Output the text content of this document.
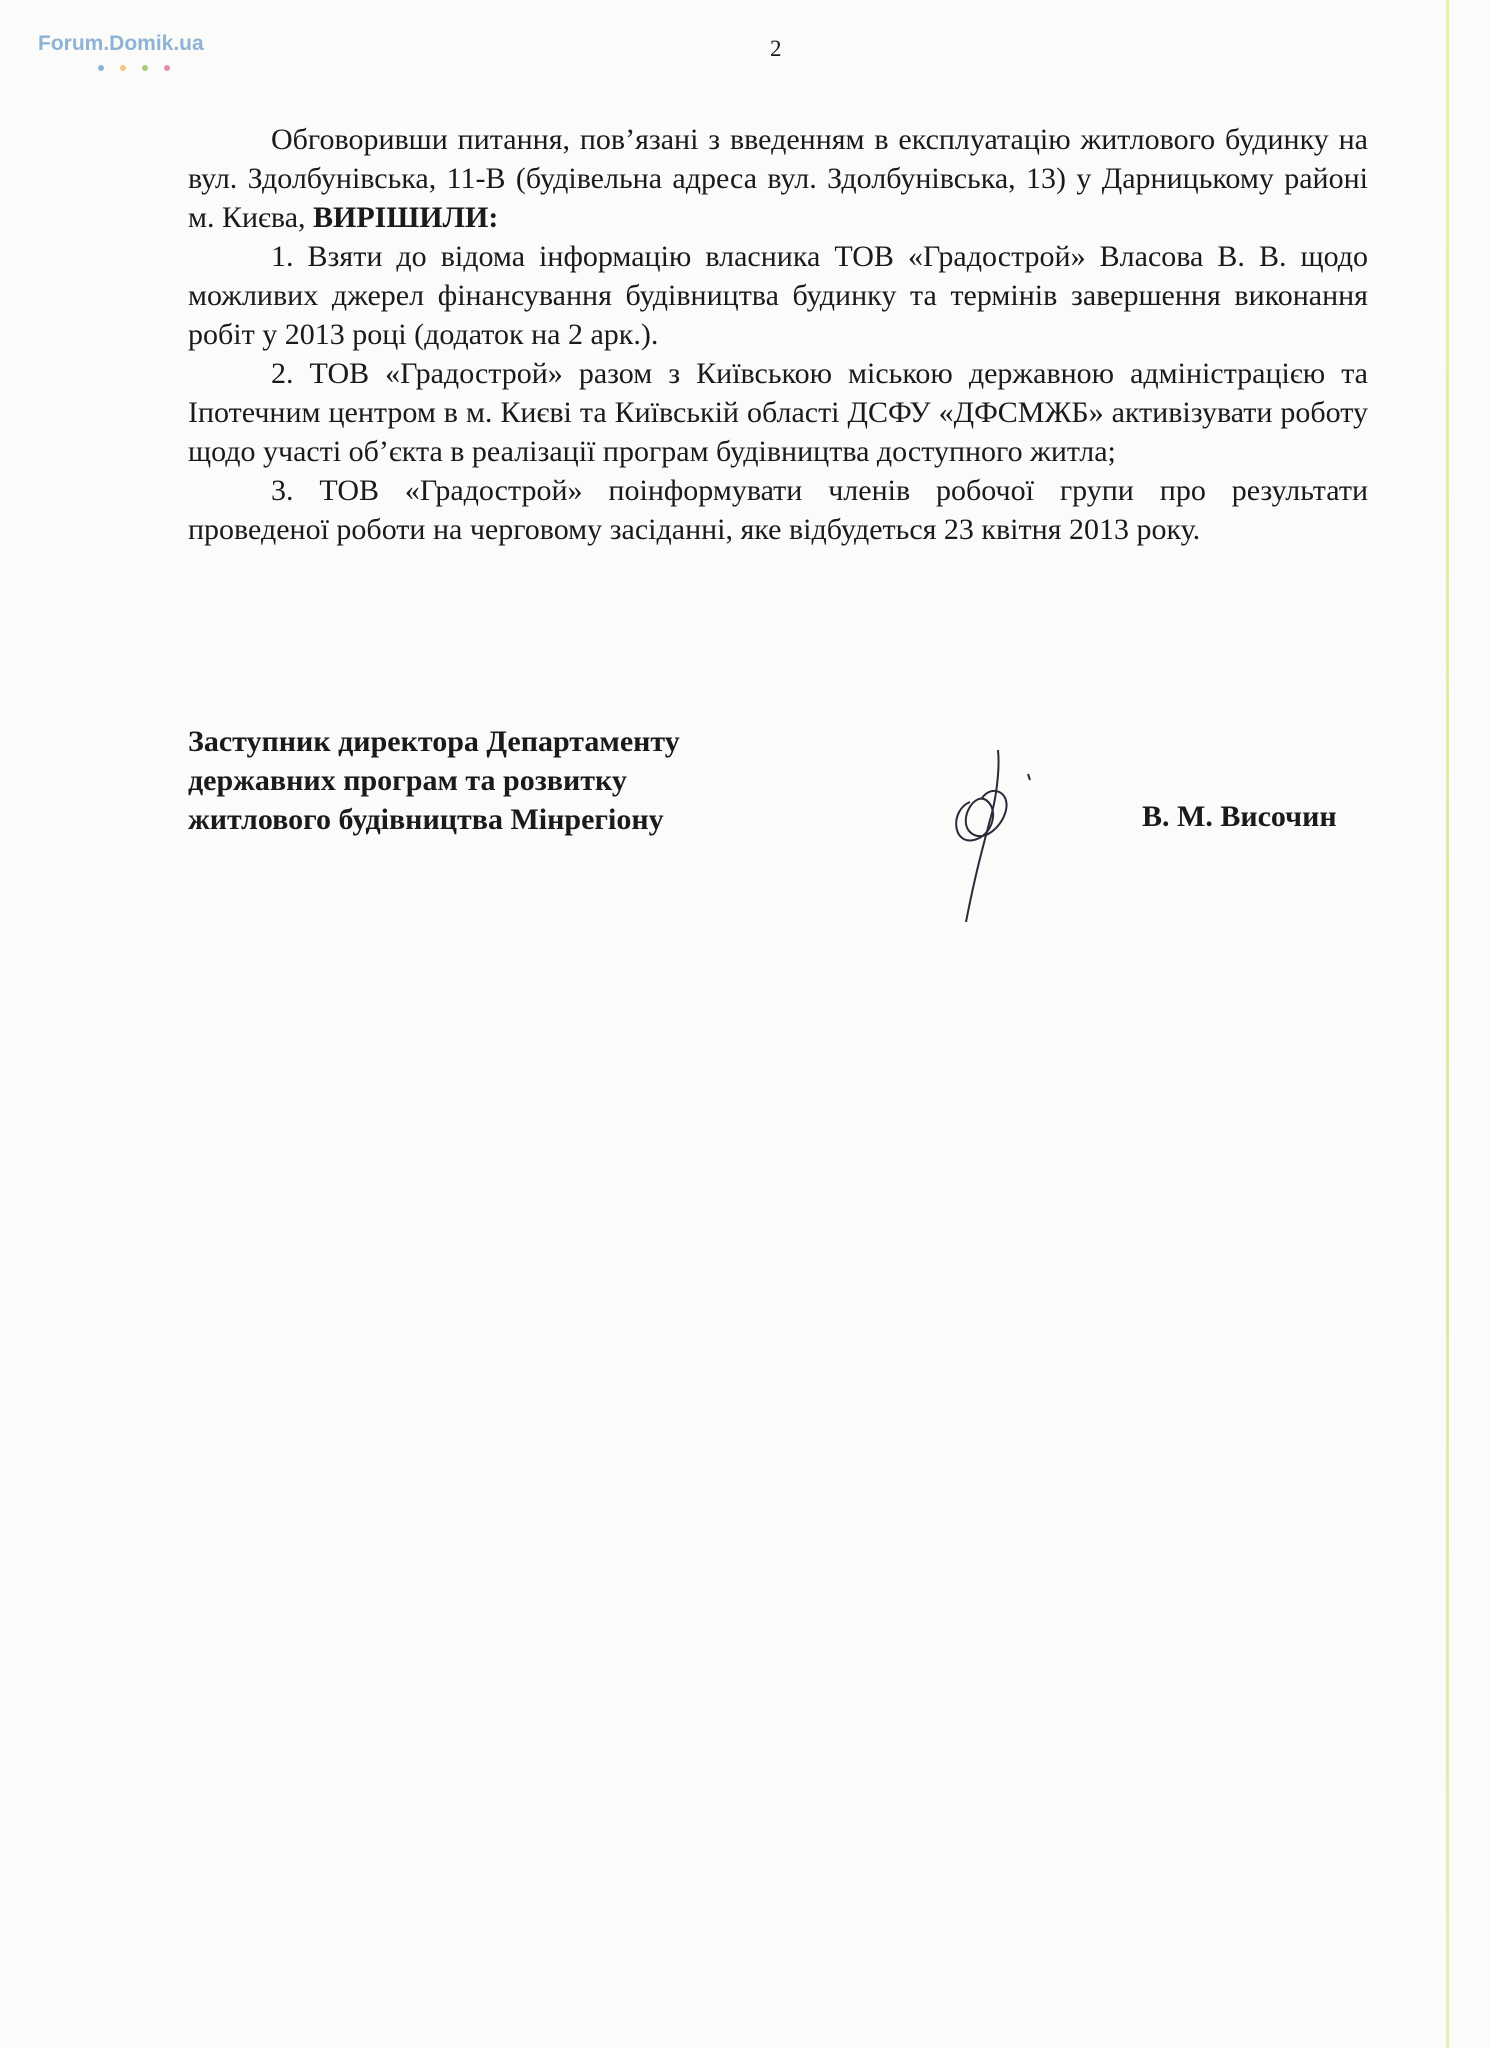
Forum.Domik.ua
	2

Обговоривши питання, пов’язані з введенням в експлуатацію житлового будинку на вул. Здолбунівська, 11-В (будівельна адреса вул. Здолбунівська, 13) у Дарницькому районі м. Києва, ВИРІШИЛИ:

1. Взяти до відома інформацію власника ТОВ «Градострой» Власова В. В. щодо можливих джерел фінансування будівництва будинку та термінів завершення виконання робіт у 2013 році (додаток на 2 арк.).

2. ТОВ «Градострой» разом з Київською міською державною адміністрацією та Іпотечним центром в м. Києві та Київській області ДСФУ «ДФСМЖБ» активізувати роботу щодо участі об’єкта в реалізації програм будівництва доступного житла;

3. ТОВ «Градострой» поінформувати членів робочої групи про результати проведеної роботи на черговому засіданні, яке відбудеться 23 квітня 2013 року.

Заступник директора Департаменту
державних програм та розвитку
житлового будівництва Мінрегіону	В. М. Височин
